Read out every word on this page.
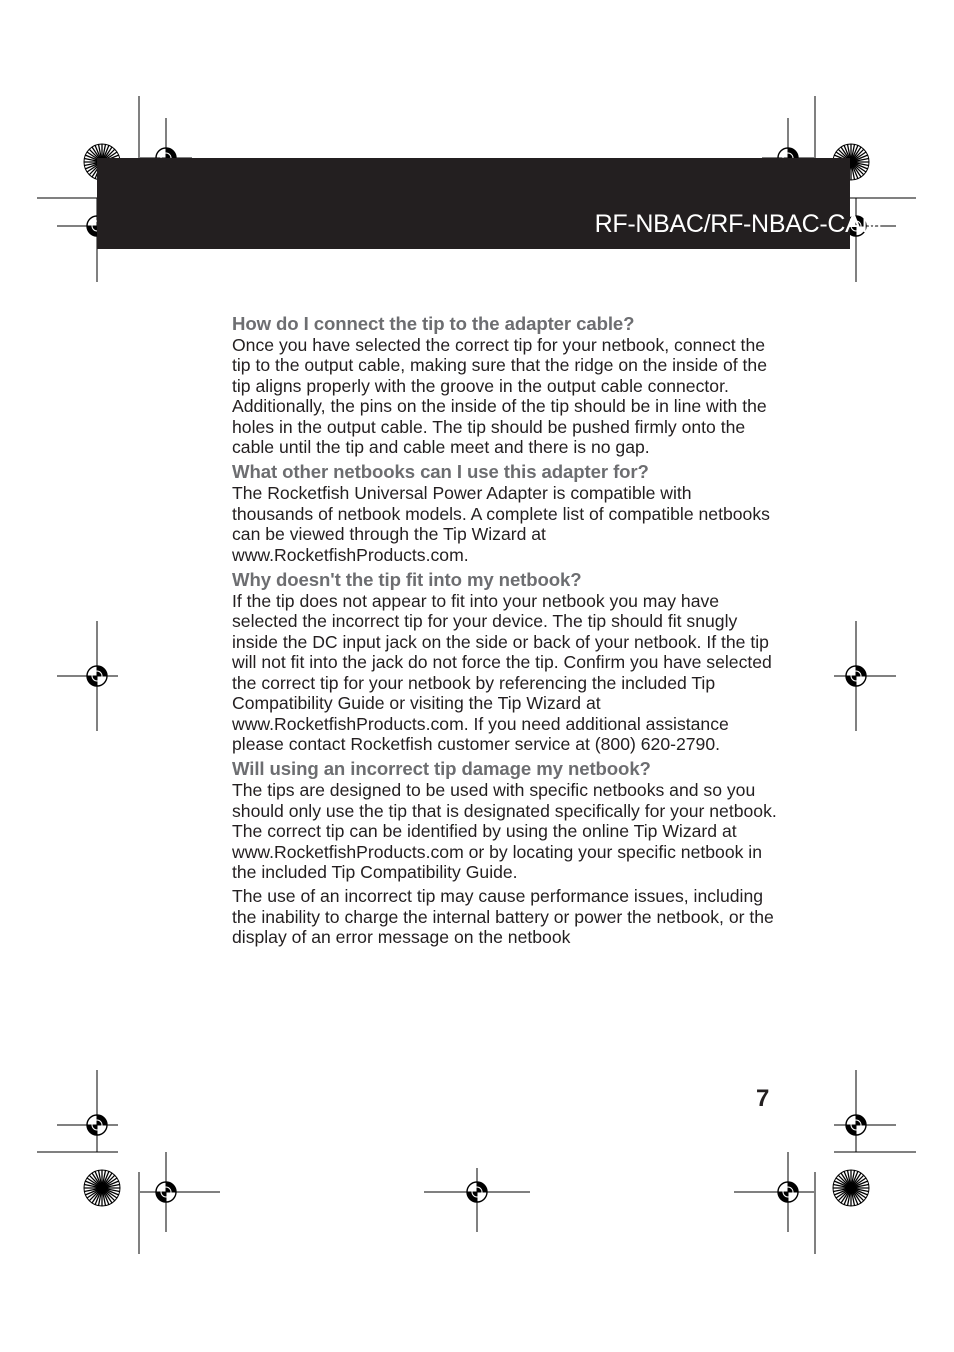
RF-NBAC/RF-NBAC-CAM
How do I connect the tip to the adapter cable?

Once you have selected the correct tip for your netbook, connect the tip to the output cable, making sure that the ridge on the inside of the tip aligns properly with the groove in the output cable connector. Additionally, the pins on the inside of the tip should be in line with the holes in the output cable. The tip should be pushed firmly onto the cable until the tip and cable meet and there is no gap.

What other netbooks can I use this adapter for?

The Rocketfish Universal Power Adapter is compatible with thousands of netbook models. A complete list of compatible netbooks can be viewed through the Tip Wizard at www.RocketfishProducts.com.

Why doesn't the tip fit into my netbook?

If the tip does not appear to fit into your netbook you may have selected the incorrect tip for your device. The tip should fit snugly inside the DC input jack on the side or back of your netbook. If the tip will not fit into the jack do not force the tip. Confirm you have selected the correct tip for your netbook by referencing the included Tip Compatibility Guide or visiting the Tip Wizard at www.RocketfishProducts.com. If you need additional assistance please contact Rocketfish customer service at (800) 620-2790.

Will using an incorrect tip damage my netbook?

The tips are designed to be used with specific netbooks and so you should only use the tip that is designated specifically for your netbook. The correct tip can be identified by using the online Tip Wizard at www.RocketfishProducts.com or by locating your specific netbook in the included Tip Compatibility Guide.

The use of an incorrect tip may cause performance issues, including the inability to charge the internal battery or power the netbook, or the display of an error message on the netbook

7
